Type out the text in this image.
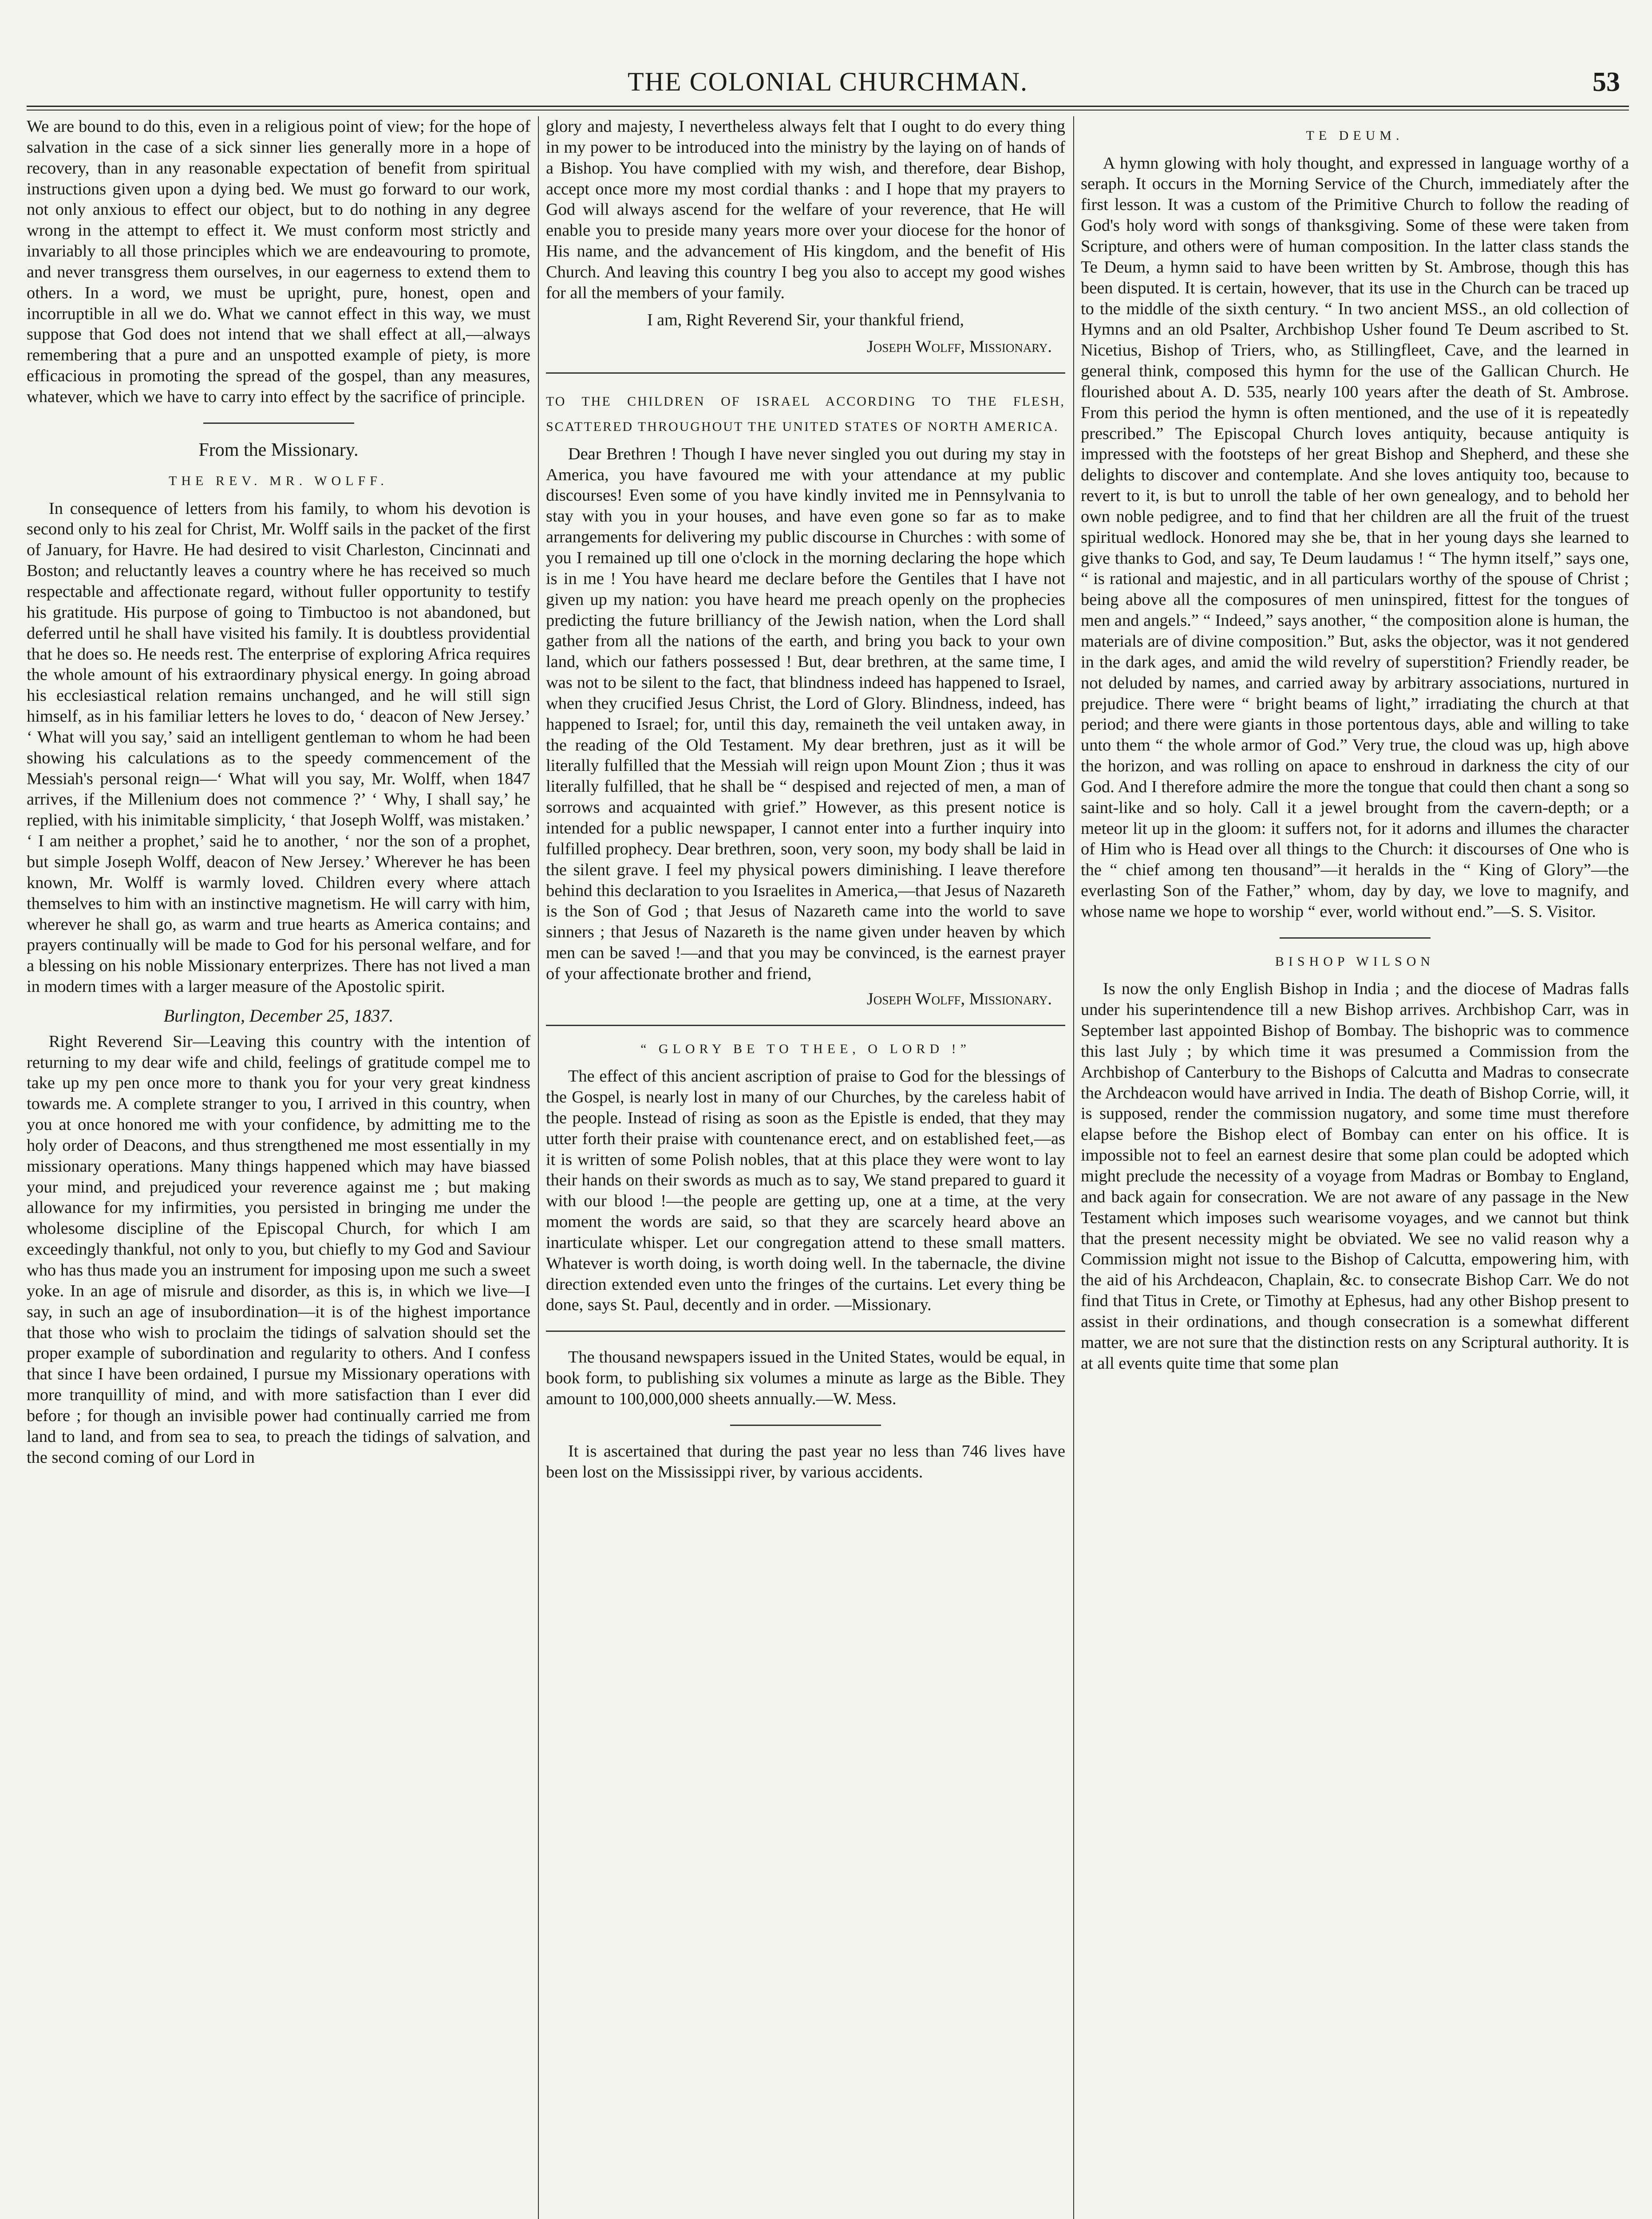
THE COLONIAL CHURCHMAN.	53

We are bound to do this, even in a religious point of view; for the hope of salvation in the case of a sick sinner lies generally more in a hope of recovery, than in any reasonable expectation of benefit from spiritual instructions given upon a dying bed. We must go forward to our work, not only anxious to effect our object, but to do nothing in any degree wrong in the attempt to effect it. We must conform most strictly and invariably to all those principles which we are endeavouring to promote, and never transgress them ourselves, in our eagerness to extend them to others. In a word, we must be upright, pure, honest, open and incorruptible in all we do. What we cannot effect in this way, we must suppose that God does not intend that we shall effect at all,—always remembering that a pure and an unspotted example of piety, is more efficacious in promoting the spread of the gospel, than any measures, whatever, which we have to carry into effect by the sacrifice of principle.

From the Missionary.
THE REV. MR. WOLFF.

In consequence of letters from his family, to whom his devotion is second only to his zeal for Christ, Mr. Wolff sails in the packet of the first of January, for Havre. He had desired to visit Charleston, Cincinnati and Boston; and reluctantly leaves a country where he has received so much respectable and affectionate regard, without fuller opportunity to testify his gratitude. His purpose of going to Timbuctoo is not abandoned, but deferred until he shall have visited his family. It is doubtless providential that he does so. He needs rest. The enterprise of exploring Africa requires the whole amount of his extraordinary physical energy. In going abroad his ecclesiastical relation remains unchanged, and he will still sign himself, as in his familiar letters he loves to do, ‘ deacon of New Jersey.’ ‘ What will you say,’ said an intelligent gentleman to whom he had been showing his calculations as to the speedy commencement of the Messiah's personal reign—‘ What will you say, Mr. Wolff, when 1847 arrives, if the Millenium does not commence ?’ ‘ Why, I shall say,’ he replied, with his inimitable simplicity, ‘ that Joseph Wolff, was mistaken.’ ‘ I am neither a prophet,’ said he to another, ‘ nor the son of a prophet, but simple Joseph Wolff, deacon of New Jersey.’ Wherever he has been known, Mr. Wolff is warmly loved. Children every where attach themselves to him with an instinctive magnetism. He will carry with him, wherever he shall go, as warm and true hearts as America contains; and prayers continually will be made to God for his personal welfare, and for a blessing on his noble Missionary enterprizes. There has not lived a man in modern times with a larger measure of the Apostolic spirit.

Burlington, December 25, 1837.

Right Reverend Sir—Leaving this country with the intention of returning to my dear wife and child, feelings of gratitude compel me to take up my pen once more to thank you for your very great kindness towards me. A complete stranger to you, I arrived in this country, when you at once honored me with your confidence, by admitting me to the holy order of Deacons, and thus strengthened me most essentially in my missionary operations. Many things happened which may have biassed your mind, and prejudiced your reverence against me ; but making allowance for my infirmities, you persisted in bringing me under the wholesome discipline of the Episcopal Church, for which I am exceedingly thankful, not only to you, but chiefly to my God and Saviour who has thus made you an instrument for imposing upon me such a sweet yoke. In an age of misrule and disorder, as this is, in which we live—I say, in such an age of insubordination—it is of the highest importance that those who wish to proclaim the tidings of salvation should set the proper example of subordination and regularity to others. And I confess that since I have been ordained, I pursue my Missionary operations with more tranquillity of mind, and with more satisfaction than I ever did before ; for though an invisible power had continually carried me from land to land, and from sea to sea, to preach the tidings of salvation, and the second coming of our Lord in

glory and majesty, I nevertheless always felt that I ought to do every thing in my power to be introduced into the ministry by the laying on of hands of a Bishop. You have complied with my wish, and therefore, dear Bishop, accept once more my most cordial thanks : and I hope that my prayers to God will always ascend for the welfare of your reverence, that He will enable you to preside many years more over your diocese for the honor of His name, and the advancement of His kingdom, and the benefit of His Church. And leaving this country I beg you also to accept my good wishes for all the members of your family.

I am, Right Reverend Sir, your thankful friend,
Joseph Wolff, Missionary.
TO THE CHILDREN OF ISRAEL ACCORDING TO THE FLESH, SCATTERED THROUGHOUT THE UNITED STATES OF NORTH AMERICA.

Dear Brethren ! Though I have never singled you out during my stay in America, you have favoured me with your attendance at my public discourses! Even some of you have kindly invited me in Pennsylvania to stay with you in your houses, and have even gone so far as to make arrangements for delivering my public discourse in Churches : with some of you I remained up till one o'clock in the morning declaring the hope which is in me ! You have heard me declare before the Gentiles that I have not given up my nation: you have heard me preach openly on the prophecies predicting the future brilliancy of the Jewish nation, when the Lord shall gather from all the nations of the earth, and bring you back to your own land, which our fathers possessed ! But, dear brethren, at the same time, I was not to be silent to the fact, that blindness indeed has happened to Israel, when they crucified Jesus Christ, the Lord of Glory. Blindness, indeed, has happened to Israel; for, until this day, remaineth the veil untaken away, in the reading of the Old Testament. My dear brethren, just as it will be literally fulfilled that the Messiah will reign upon Mount Zion ; thus it was literally fulfilled, that he shall be “ despised and rejected of men, a man of sorrows and acquainted with grief.” However, as this present notice is intended for a public newspaper, I cannot enter into a further inquiry into fulfilled prophecy. Dear brethren, soon, very soon, my body shall be laid in the silent grave. I feel my physical powers diminishing. I leave therefore behind this declaration to you Israelites in America,—that Jesus of Nazareth is the Son of God ; that Jesus of Nazareth came into the world to save sinners ; that Jesus of Nazareth is the name given under heaven by which men can be saved !—and that you may be convinced, is the earnest prayer of your affectionate brother and friend,

Joseph Wolff, Missionary.
“ GLORY BE TO THEE, O LORD !”

The effect of this ancient ascription of praise to God for the blessings of the Gospel, is nearly lost in many of our Churches, by the careless habit of the people. Instead of rising as soon as the Epistle is ended, that they may utter forth their praise with countenance erect, and on established feet,—as it is written of some Polish nobles, that at this place they were wont to lay their hands on their swords as much as to say, We stand prepared to guard it with our blood !—the people are getting up, one at a time, at the very moment the words are said, so that they are scarcely heard above an inarticulate whisper. Let our congregation attend to these small matters. Whatever is worth doing, is worth doing well. In the tabernacle, the divine direction extended even unto the fringes of the curtains. Let every thing be done, says St. Paul, decently and in order. —Missionary.

The thousand newspapers issued in the United States, would be equal, in book form, to publishing six volumes a minute as large as the Bible. They amount to 100,000,000 sheets annually.—W. Mess.

It is ascertained that during the past year no less than 746 lives have been lost on the Mississippi river, by various accidents.

TE DEUM.

A hymn glowing with holy thought, and expressed in language worthy of a seraph. It occurs in the Morning Service of the Church, immediately after the first lesson. It was a custom of the Primitive Church to follow the reading of God's holy word with songs of thanksgiving. Some of these were taken from Scripture, and others were of human composition. In the latter class stands the Te Deum, a hymn said to have been written by St. Ambrose, though this has been disputed. It is certain, however, that its use in the Church can be traced up to the middle of the sixth century. “ In two ancient MSS., an old collection of Hymns and an old Psalter, Archbishop Usher found Te Deum ascribed to St. Nicetius, Bishop of Triers, who, as Stillingfleet, Cave, and the learned in general think, composed this hymn for the use of the Gallican Church. He flourished about A. D. 535, nearly 100 years after the death of St. Ambrose. From this period the hymn is often mentioned, and the use of it is repeatedly prescribed.” The Episcopal Church loves antiquity, because antiquity is impressed with the footsteps of her great Bishop and Shepherd, and these she delights to discover and contemplate. And she loves antiquity too, because to revert to it, is but to unroll the table of her own genealogy, and to behold her own noble pedigree, and to find that her children are all the fruit of the truest spiritual wedlock. Honored may she be, that in her young days she learned to give thanks to God, and say, Te Deum laudamus ! “ The hymn itself,” says one, “ is rational and majestic, and in all particulars worthy of the spouse of Christ ; being above all the composures of men uninspired, fittest for the tongues of men and angels.” “ Indeed,” says another, “ the composition alone is human, the materials are of divine composition.” But, asks the objector, was it not gendered in the dark ages, and amid the wild revelry of superstition? Friendly reader, be not deluded by names, and carried away by arbitrary associations, nurtured in prejudice. There were “ bright beams of light,” irradiating the church at that period; and there were giants in those portentous days, able and willing to take unto them “ the whole armor of God.” Very true, the cloud was up, high above the horizon, and was rolling on apace to enshroud in darkness the city of our God. And I therefore admire the more the tongue that could then chant a song so saint-like and so holy. Call it a jewel brought from the cavern-depth; or a meteor lit up in the gloom: it suffers not, for it adorns and illumes the character of Him who is Head over all things to the Church: it discourses of One who is the “ chief among ten thousand”—it heralds in the “ King of Glory”—the everlasting Son of the Father,” whom, day by day, we love to magnify, and whose name we hope to worship “ ever, world without end.”—S. S. Visitor.

BISHOP WILSON

Is now the only English Bishop in India ; and the diocese of Madras falls under his superintendence till a new Bishop arrives. Archbishop Carr, was in September last appointed Bishop of Bombay. The bishopric was to commence this last July ; by which time it was presumed a Commission from the Archbishop of Canterbury to the Bishops of Calcutta and Madras to consecrate the Archdeacon would have arrived in India. The death of Bishop Corrie, will, it is supposed, render the commission nugatory, and some time must therefore elapse before the Bishop elect of Bombay can enter on his office. It is impossible not to feel an earnest desire that some plan could be adopted which might preclude the necessity of a voyage from Madras or Bombay to England, and back again for consecration. We are not aware of any passage in the New Testament which imposes such wearisome voyages, and we cannot but think that the present necessity might be obviated. We see no valid reason why a Commission might not issue to the Bishop of Calcutta, empowering him, with the aid of his Archdeacon, Chaplain, &c. to consecrate Bishop Carr. We do not find that Titus in Crete, or Timothy at Ephesus, had any other Bishop present to assist in their ordinations, and though consecration is a somewhat different matter, we are not sure that the distinction rests on any Scriptural authority. It is at all events quite time that some plan
